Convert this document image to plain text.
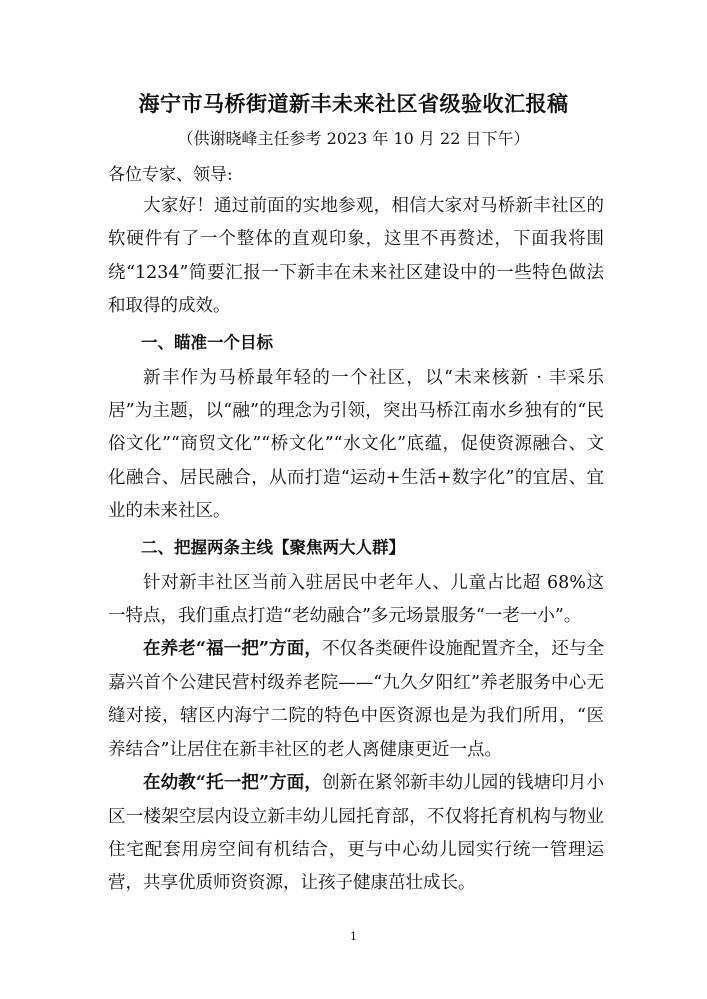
海宁市马桥街道新丰未来社区省级验收汇报稿
（供谢晓峰主任参考 2023 年 10 月 22 日下午）
各位专家、领导:

大家好！通过前面的实地参观，相信大家对马桥新丰社区的软硬件有了一个整体的直观印象，这里不再赘述，下面我将围绕“1234”简要汇报一下新丰在未来社区建设中的一些特色做法和取得的成效。

一、瞄准一个目标

新丰作为马桥最年轻的一个社区，以“未来核新 · 丰采乐居”为主题，以“融”的理念为引领，突出马桥江南水乡独有的“民俗文化”“商贸文化”“桥文化”“水文化”底蕴，促使资源融合、文化融合、居民融合，从而打造“运动+生活+数字化”的宜居、宜业的未来社区。

二、把握两条主线【聚焦两大人群】

针对新丰社区当前入驻居民中老年人、儿童占比超 68%这一特点，我们重点打造“老幼融合”多元场景服务“一老一小”。

在养老“福一把”方面，不仅各类硬件设施配置齐全，还与全嘉兴首个公建民营村级养老院——“九久夕阳红”养老服务中心无缝对接，辖区内海宁二院的特色中医资源也是为我们所用，“医养结合”让居住在新丰社区的老人离健康更近一点。

在幼教“托一把”方面，创新在紧邻新丰幼儿园的钱塘印月小区一楼架空层内设立新丰幼儿园托育部，不仅将托育机构与物业住宅配套用房空间有机结合，更与中心幼儿园实行统一管理运营，共享优质师资资源，让孩子健康茁壮成长。

1
